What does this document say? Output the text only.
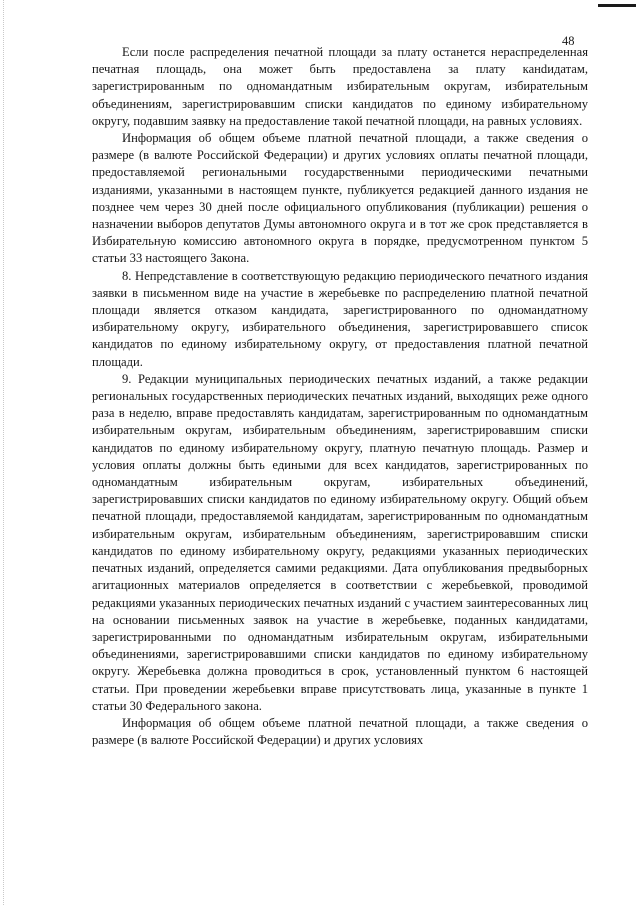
48

Если после распределения печатной площади за плату останется нераспределенная печатная площадь, она может быть предоставлена за плату канdидатам, зарегистрированным по одномандатным избирательным округам, избирательным объединениям, зарегистрировавшим списки кандидатов по единому избирательному округу, подавшим заявку на предоставление такой печатной площади, на равных условиях.

Информация об общем объеме платной печатной площади, а также сведения о размере (в валюте Российской Федерации) и других условиях оплаты печатной площади, предоставляемой региональными государственными периодическими печатными изданиями, указанными в настоящем пункте, публикуется редакцией данного издания не позднее чем через 30 дней после официального опубликования (публикации) решения о назначении выборов депутатов Думы автономного округа и в тот же срок представляется в Избирательную комиссию автономного округа в порядке, предусмотренном пунктом 5 статьи 33 настоящего Закона.

8. Непредставление в соответствующую редакцию периодического печатного издания заявки в письменном виде на участие в жеребьевке по распределению платной печатной площади является отказом кандидата, зарегистрированного по одномандатному избирательному округу, избирательного объединения, зарегистрировавшего список кандидатов по единому избирательному округу, от предоставления платной печатной площади.

9. Редакции муниципальных периодических печатных изданий, а также редакции региональных государственных периодических печатных изданий, выходящих реже одного раза в неделю, вправе предоставлять кандидатам, зарегистрированным по одномандатным избирательным округам, избирательным объединениям, зарегистрировавшим списки кандидатов по единому избирательному округу, платную печатную площадь. Размер и условия оплаты должны быть едиными для всех кандидатов, зарегистрированных по одномандатным избирательным округам, избирательных объединений, зарегистрировавших списки кандидатов по единому избирательному округу. Общий объем печатной площади, предоставляемой кандидатам, зарегистрированным по одномандатным избирательным округам, избирательным объединениям, зарегистрировавшим списки кандидатов по единому избирательному округу, редакциями указанных периодических печатных изданий, определяется самими редакциями. Дата опубликования предвыборных агитационных материалов определяется в соответствии с жеребьевкой, проводимой редакциями указанных периодических печатных изданий с участием заинтересованных лиц на основании письменных заявок на участие в жеребьевке, поданных кандидатами, зарегистрированными по одномандатным избирательным округам, избирательными объединениями, зарегистрировавшими списки кандидатов по единому избирательному округу. Жеребьевка должна проводиться в срок, установленный пунктом 6 настоящей статьи. При проведении жеребьевки вправе присутствовать лица, указанные в пункте 1 статьи 30 Федерального закона.

Информация об общем объеме платной печатной площади, а также сведения о размере (в валюте Российской Федерации) и других условиях
